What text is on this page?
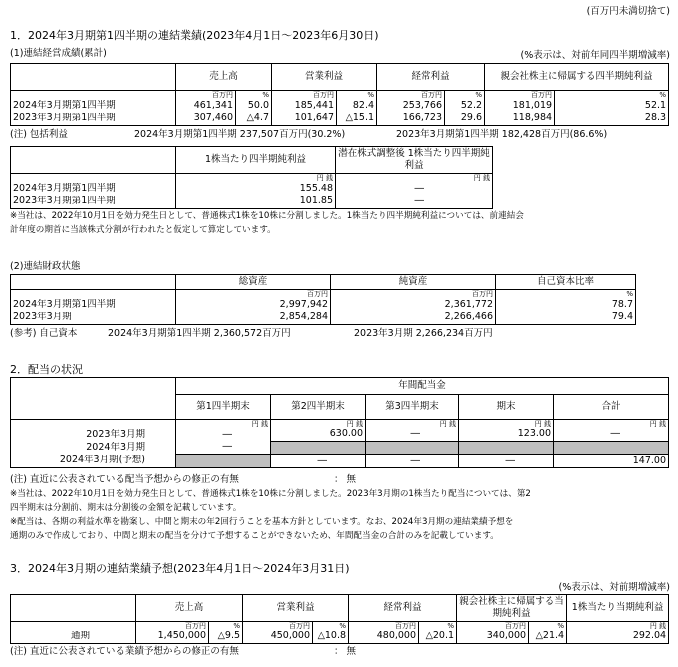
(百万円未満切捨て)
1．2024年3月期第1四半期の連結業績(2023年4月1日～2023年6月30日)
(1)連結経営成績(累計)	(%表示は、対前年同四半期増減率)
	売上高		営業利益		経常利益		親会社株主に帰属する四半期純利益	
	百万円	%	百万円	%	百万円	%	百万円	%
2024年3月期第1四半期	461,341	50.0	185,441	82.4	253,766	52.2	181,019	52.1
2023年3月期第1四半期	307,460	△4.7	101,647	△15.1	166,723	29.6	118,984	28.3
(注) 包括利益	2024年3月期第1四半期 237,507百万円(30.2%)	2023年3月期第1四半期 182,428百万円(86.6%)
	1株当たり四半期純利益	潜在株式調整後 1株当たり四半期純利益
	円 銭	円 銭
2024年3月期第1四半期	155.48	―
2023年3月期第1四半期	101.85	―
※当社は、2022年10月1日を効力発生日として、普通株式1株を10株に分割しました。1株当たり四半期純利益については、前連結会
計年度の期首に当該株式分割が行われたと仮定して算定しています。
(2)連結財政状態
	総資産	純資産	自己資本比率
	百万円	百万円	%
2024年3月期第1四半期	2,997,942	2,361,772	78.7
2023年3月期	2,854,284	2,266,466	79.4
(参考) 自己資本	2024年3月期第1四半期 2,360,572百万円	2023年3月期 2,266,234百万円
2．配当の状況
	年間配当金				
	第1四半期末	第2四半期末	第3四半期末	期末	合計
	円 銭	円 銭	円 銭	円 銭	円 銭
2023年3月期	―	630.00	―	123.00	―
2024年3月期	―				
2024年3月期(予想)		―	―	―	147.00
(注) 直近に公表されている配当予想からの修正の有無	： 無
※当社は、2022年10月1日を効力発生日として、普通株式1株を10株に分割しました。2023年3月期の1株当たり配当については、第2
四半期末は分割前、期末は分割後の金額を記載しています。
※配当は、各期の利益水準を勘案し、中間と期末の年2回行うことを基本方針としています。なお、2024年3月期の連結業績予想を
通期のみで作成しており、中間と期末の配当を分けて予想することができないため、年間配当金の合計のみを記載しています。
3．2024年3月期の連結業績予想(2023年4月1日～2024年3月31日)
(%表示は、対前期増減率)
	売上高		営業利益		経常利益		親会社株主に帰属する当期純利益		1株当たり当期純利益
	百万円	%	百万円	%	百万円	%	百万円	%	円 銭
通期	1,450,000	△9.5	450,000	△10.8	480,000	△20.1	340,000	△21.4	292.04
(注) 直近に公表されている業績予想からの修正の有無	： 無
